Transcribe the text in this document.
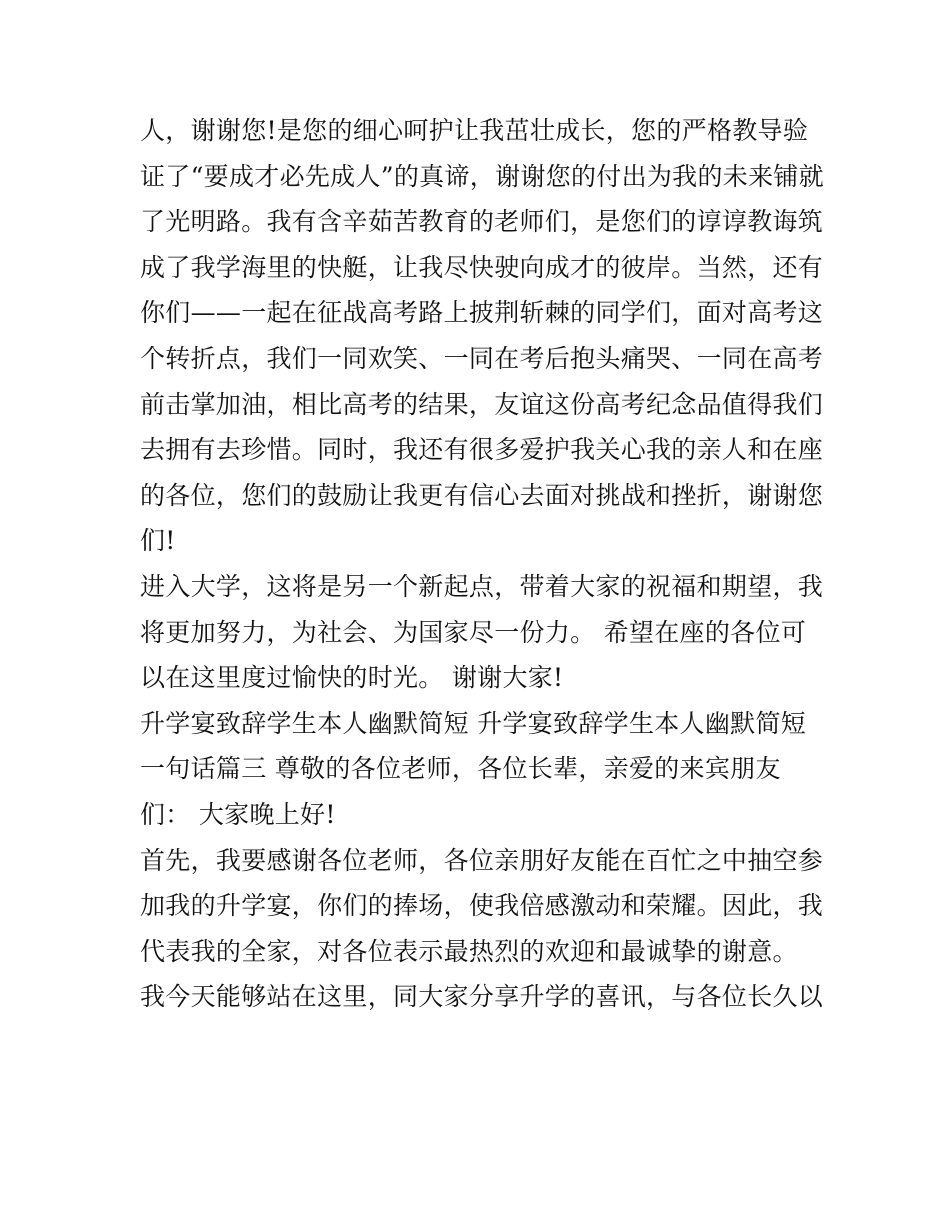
人，谢谢您!是您的细心呵护让我茁壮成长，您的严格教导验
证了“要成才必先成人”的真谛，谢谢您的付出为我的未来铺就
了光明路。我有含辛茹苦教育的老师们，是您们的谆谆教诲筑
成了我学海里的快艇，让我尽快驶向成才的彼岸。当然，还有
你们——一起在征战高考路上披荆斩棘的同学们，面对高考这
个转折点，我们一同欢笑、一同在考后抱头痛哭、一同在高考
前击掌加油，相比高考的结果，友谊这份高考纪念品值得我们
去拥有去珍惜。同时，我还有很多爱护我关心我的亲人和在座
的各位，您们的鼓励让我更有信心去面对挑战和挫折，谢谢您
们!
进入大学，这将是另一个新起点，带着大家的祝福和期望，我
将更加努力，为社会、为国家尽一份力。 希望在座的各位可
以在这里度过愉快的时光。 谢谢大家!
升学宴致辞学生本人幽默简短 升学宴致辞学生本人幽默简短
一句话篇三 尊敬的各位老师，各位长辈，亲爱的来宾朋友
们： 大家晚上好!
首先，我要感谢各位老师，各位亲朋好友能在百忙之中抽空参
加我的升学宴，你们的捧场，使我倍感激动和荣耀。因此，我
代表我的全家，对各位表示最热烈的欢迎和最诚挚的谢意。
我今天能够站在这里，同大家分享升学的喜讯，与各位长久以
